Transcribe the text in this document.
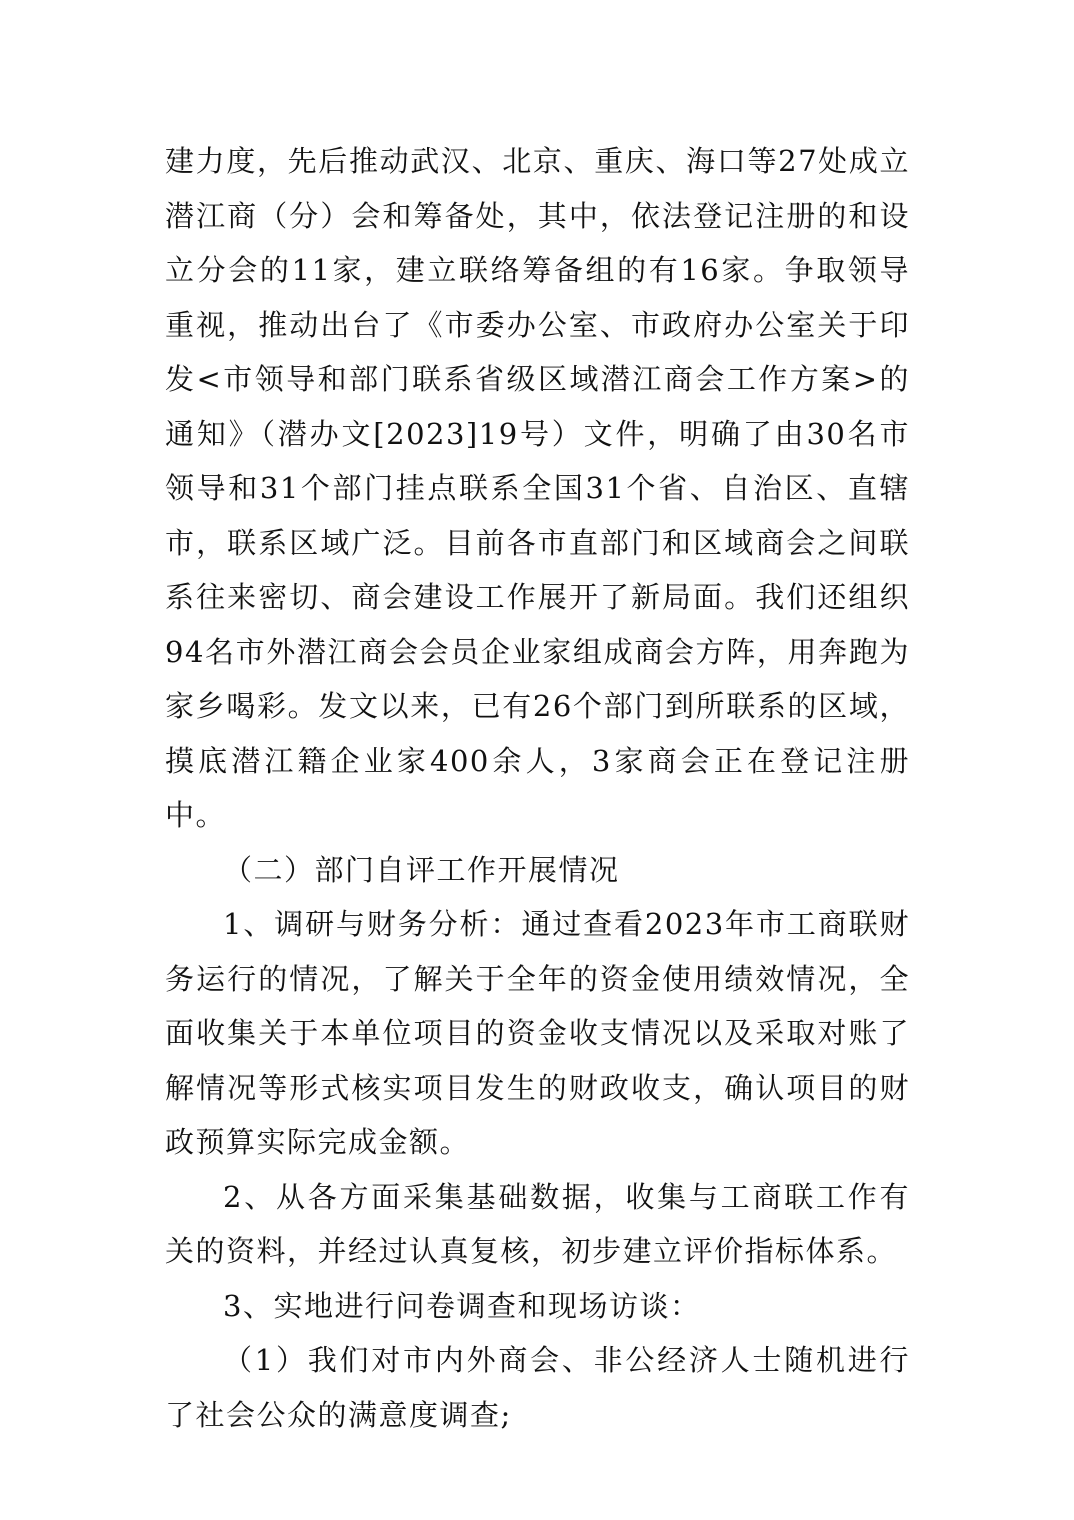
建力度，先后推动武汉、北京、重庆、海口等27处成立潜江商（分）会和筹备处，其中，依法登记注册的和设立分会的11家，建立联络筹备组的有16家。争取领导重视，推动出台了《市委办公室、市政府办公室关于印发<市领导和部门联系省级区域潜江商会工作方案>的通知》（潜办文[2023]19号）文件，明确了由30名市领导和31个部门挂点联系全国31个省、自治区、直辖市，联系区域广泛。目前各市直部门和区域商会之间联系往来密切、商会建设工作展开了新局面。我们还组织94名市外潜江商会会员企业家组成商会方阵，用奔跑为家乡喝彩。发文以来，已有26个部门到所联系的区域，摸底潜江籍企业家400余人，3家商会正在登记注册中。

（二）部门自评工作开展情况

1、调研与财务分析：通过查看2023年市工商联财务运行的情况，了解关于全年的资金使用绩效情况，全面收集关于本单位项目的资金收支情况以及采取对账了解情况等形式核实项目发生的财政收支，确认项目的财政预算实际完成金额。

2、从各方面采集基础数据，收集与工商联工作有关的资料，并经过认真复核，初步建立评价指标体系。

3、实地进行问卷调查和现场访谈：

（1）我们对市内外商会、非公经济人士随机进行了社会公众的满意度调查;
